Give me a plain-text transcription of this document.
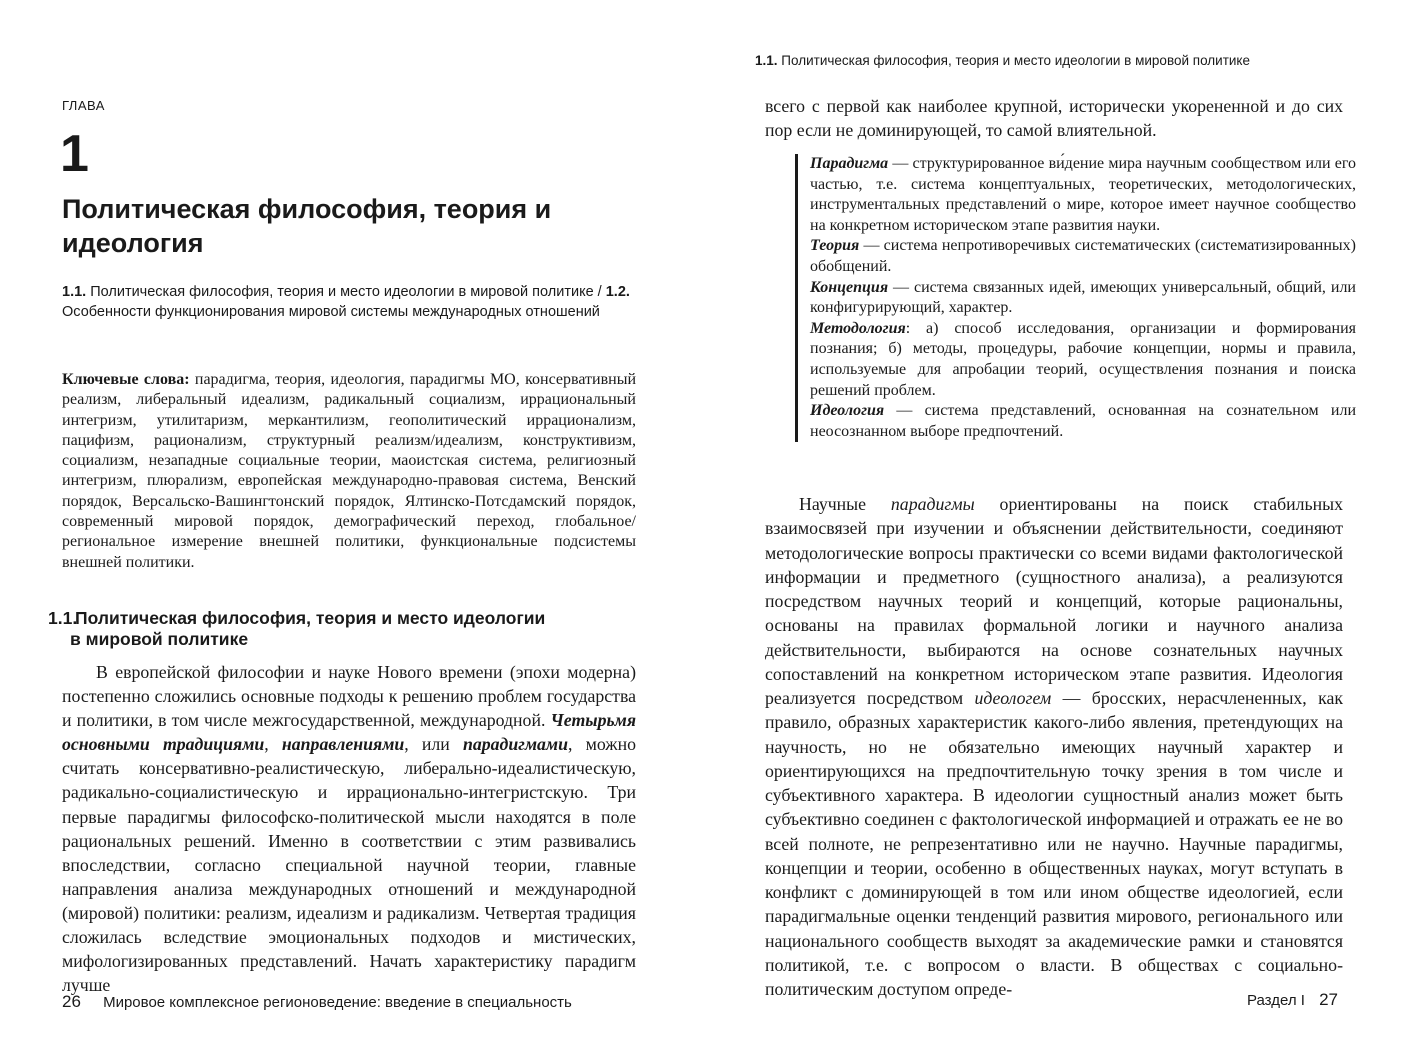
ГЛАВА
1
Политическая философия, теория и идеология
1.1. Политическая философия, теория и место идеологии в мировой политике / 1.2. Особенности функционирования мировой системы международных отношений
Ключевые слова: парадигма, теория, идеология, парадигмы МО, консервативный реализм, либеральный идеализм, радикальный социализм, иррациональный интегризм, утилитаризм, меркантилизм, геополитический иррационализм, пацифизм, рационализм, структурный реализм/идеализм, конструктивизм, социализм, незападные социальные теории, маоистская система, религиозный интегризм, плюрализм, европейская международно-правовая система, Венский порядок, Версальско-Вашингтонский порядок, Ялтинско-Потсдамский порядок, современный мировой порядок, демографический переход, глобальное/региональное измерение внешней политики, функциональные подсистемы внешней политики.
1.1.Политическая философия, теория и место идеологии
в мировой политике

В европейской философии и науке Нового времени (эпохи модерна) постепенно сложились основные подходы к решению проблем государства и политики, в том числе межгосударственной, международной. Четырьмя основными традициями, направлениями, или парадигмами, можно считать консервативно-реалистическую, либерально-идеалистическую, радикально-социалистическую и иррационально-интегристскую. Три первые парадигмы философско-политической мысли находятся в поле рациональных решений. Именно в соответствии с этим развивались впоследствии, согласно специальной научной теории, главные направления анализа международных отношений и международной (мировой) политики: реализм, идеализм и радикализм. Четвертая традиция сложилась вследствие эмоциональных подходов и мистических, мифологизированных представлений. Начать характеристику парадигм лучше

26 Мировое комплексное регионоведение: введение в специальность
1.1. Политическая философия, теория и место идеологии в мировой политике

всего с первой как наиболее крупной, исторически укорененной и до сих пор если не доминирующей, то самой влиятельной.

Парадигма — структурированное ви́дение мира научным сообществом или его частью, т.е. система концептуальных, теоретических, методологических, инструментальных представлений о мире, которое имеет научное сообщество на конкретном историческом этапе развития науки.
Теория — система непротиворечивых систематических (систематизированных) обобщений.
Концепция — система связанных идей, имеющих универсальный, общий, или конфигурирующий, характер.
Методология: а) способ исследования, организации и формирования познания; б) методы, процедуры, рабочие концепции, нормы и правила, используемые для апробации теорий, осуществления познания и поиска решений проблем.
Идеология — система представлений, основанная на сознательном или неосознанном выборе предпочтений.

Научные парадигмы ориентированы на поиск стабильных взаимосвязей при изучении и объяснении действительности, соединяют методологические вопросы практически со всеми видами фактологической информации и предметного (сущностного анализа), а реализуются посредством научных теорий и концепций, которые рациональны, основаны на правилах формальной логики и научного анализа действительности, выбираются на основе сознательных научных сопоставлений на конкретном историческом этапе развития. Идеология реализуется посредством идеологем — бросских, нерасчлененных, как правило, образных характеристик какого-либо явления, претендующих на научность, но не обязательно имеющих научный характер и ориентирующихся на предпочтительную точку зрения в том числе и субъективного характера. В идеологии сущностный анализ может быть субъективно соединен с фактологической информацией и отражать ее не во всей полноте, не репрезентативно или не научно. Научные парадигмы, концепции и теории, особенно в общественных науках, могут вступать в конфликт с доминирующей в том или ином обществе идеологией, если парадигмальные оценки тенденций развития мирового, регионального или национального сообществ выходят за академические рамки и становятся политикой, т.е. с вопросом о власти. В обществах с социально-политическим доступом опреде-

Раздел I 27
